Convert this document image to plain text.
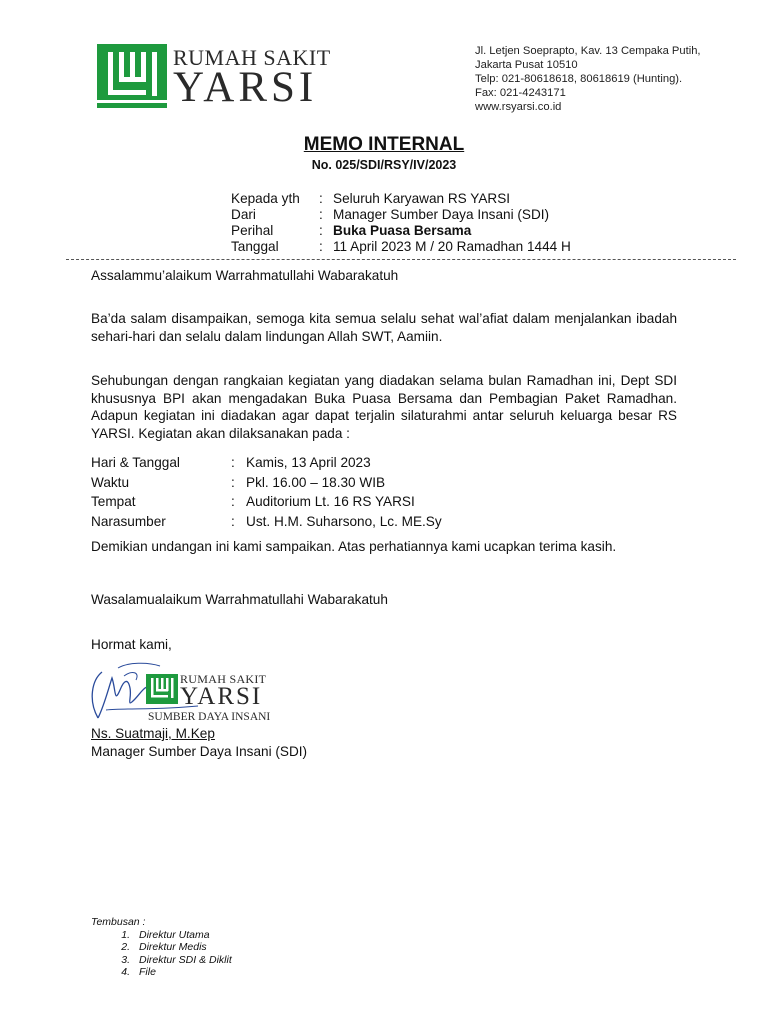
RUMAH SAKIT
YARSI
Jl. Letjen Soeprapto, Kav. 13 Cempaka Putih,
Jakarta Pusat 10510
Telp: 021-80618618, 80618619 (Hunting).
Fax: 021-4243171
www.rsyarsi.co.id
MEMO INTERNAL
No. 025/SDI/RSY/IV/2023
Kepada yth	: Seluruh Karyawan RS YARSI
Dari	: Manager Sumber Daya Insani (SDI)
Perihal	: Buka Puasa Bersama
Tanggal	: 11 April 2023 M / 20 Ramadhan 1444 H
Assalammu’alaikum Warrahmatullahi Wabarakatuh
Ba’da salam disampaikan, semoga kita semua selalu sehat wal’afiat dalam menjalankan ibadah sehari-hari dan selalu dalam lindungan Allah SWT, Aamiin.
Sehubungan dengan rangkaian kegiatan yang diadakan selama bulan Ramadhan ini, Dept SDI khususnya BPI akan mengadakan Buka Puasa Bersama dan Pembagian Paket Ramadhan. Adapun kegiatan ini diadakan agar dapat terjalin silaturahmi antar seluruh keluarga besar RS YARSI. Kegiatan akan dilaksanakan pada :
Hari & Tanggal	: Kamis, 13 April 2023
Waktu	: Pkl. 16.00 – 18.30 WIB
Tempat	: Auditorium Lt. 16 RS YARSI
Narasumber	: Ust. H.M. Suharsono, Lc. ME.Sy
Demikian undangan ini kami sampaikan. Atas perhatiannya kami ucapkan terima kasih.
Wasalamualaikum Warrahmatullahi Wabarakatuh
Hormat kami,
RUMAH SAKIT
YARSI
SUMBER DAYA INSANI
Ns. Suatmaji, M.Kep
Manager Sumber Daya Insani (SDI)
Tembusan :
1. Direktur Utama
2. Direktur Medis
3. Direktur SDI & Diklit
4. File
